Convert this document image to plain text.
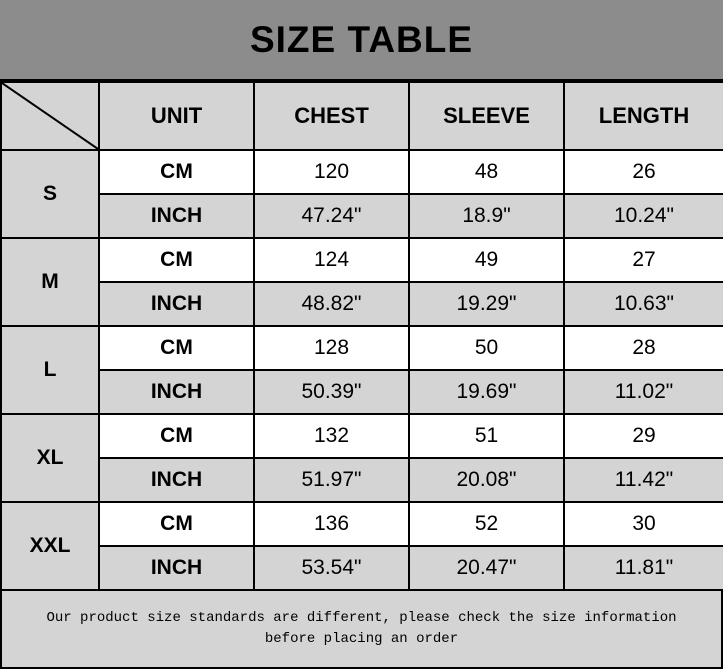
SIZE TABLE
	UNIT	CHEST	SLEEVE	LENGTH
S	CM	120	48	26
	INCH	47.24"	18.9"	10.24"
M	CM	124	49	27
	INCH	48.82"	19.29"	10.63"
L	CM	128	50	28
	INCH	50.39"	19.69"	11.02"
XL	CM	132	51	29
	INCH	51.97"	20.08"	11.42"
XXL	CM	136	52	30
	INCH	53.54"	20.47"	11.81"
Our product size standards are different, please check the size information
before placing an order
